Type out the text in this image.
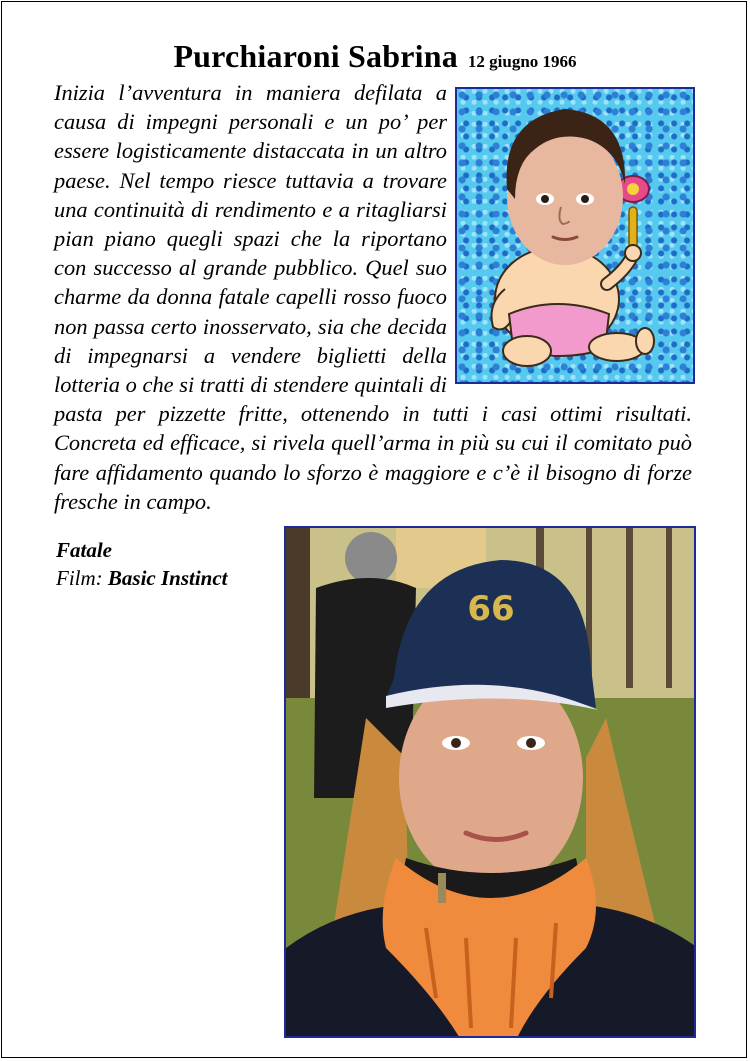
Purchiaroni Sabrina 12 giugno 1966
Inizia l’avventura in maniera defilata a causa di impegni personali e un po’ per essere logisticamente distaccata in un altro paese. Nel tempo riesce tuttavia a trovare una continuità di rendimento e a ritagliarsi pian piano quegli spazi che la riportano con successo al grande pubblico. Quel suo charme da donna fatale capelli rosso fuoco non passa certo inosservato, sia che decida di impegnarsi a vendere biglietti della lotteria o che si tratti di stendere quintali di pasta per pizzette fritte, ottenendo in tutti i casi ottimi risultati. Concreta ed efficace, si rivela quell’arma in più su cui il comitato può fare affidamento quando lo sforzo è maggiore e c’è il bisogno di forze fresche in campo.
Fatale
Film: Basic Instinct
66
